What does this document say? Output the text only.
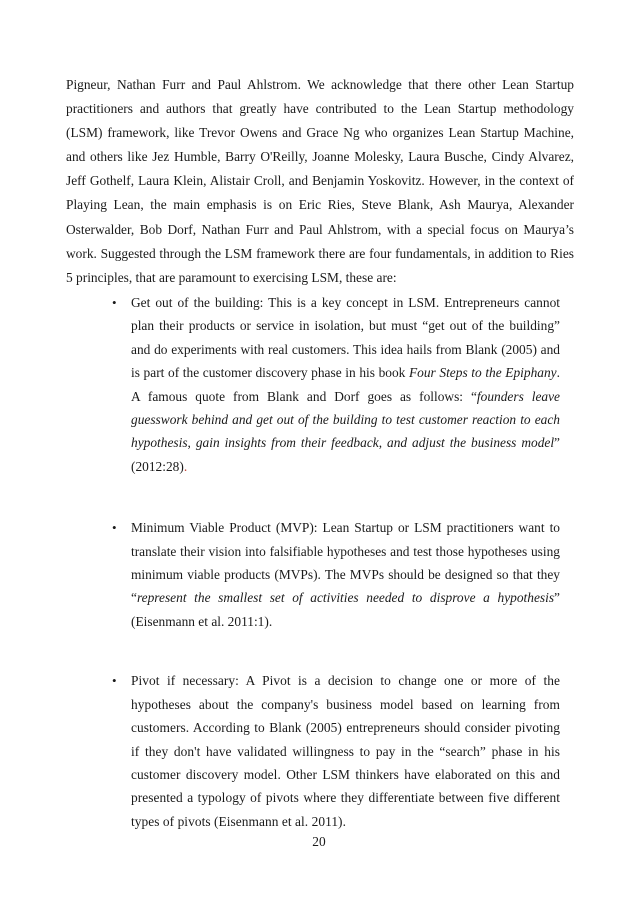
Pigneur, Nathan Furr and Paul Ahlstrom. We acknowledge that there other Lean Startup practitioners and authors that greatly have contributed to the Lean Startup methodology (LSM) framework, like Trevor Owens and Grace Ng who organizes Lean Startup Machine, and others like Jez Humble, Barry O'Reilly, Joanne Molesky, Laura Busche, Cindy Alvarez, Jeff Gothelf, Laura Klein, Alistair Croll, and Benjamin Yoskovitz. However, in the context of Playing Lean, the main emphasis is on Eric Ries, Steve Blank, Ash Maurya, Alexander Osterwalder, Bob Dorf, Nathan Furr and Paul Ahlstrom, with a special focus on Maurya’s work. Suggested through the LSM framework there are four fundamentals, in addition to Ries 5 principles, that are paramount to exercising LSM, these are:

• Get out of the building: This is a key concept in LSM. Entrepreneurs cannot plan their products or service in isolation, but must “get out of the building” and do experiments with real customers. This idea hails from Blank (2005) and is part of the customer discovery phase in his book Four Steps to the Epiphany. A famous quote from Blank and Dorf goes as follows: “founders leave guesswork behind and get out of the building to test customer reaction to each hypothesis, gain insights from their feedback, and adjust the business model” (2012:28).
• Minimum Viable Product (MVP): Lean Startup or LSM practitioners want to translate their vision into falsifiable hypotheses and test those hypotheses using minimum viable products (MVPs). The MVPs should be designed so that they “represent the smallest set of activities needed to disprove a hypothesis” (Eisenmann et al. 2011:1).
• Pivot if necessary: A Pivot is a decision to change one or more of the hypotheses about the company's business model based on learning from customers. According to Blank (2005) entrepreneurs should consider pivoting if they don't have validated willingness to pay in the “search” phase in his customer discovery model. Other LSM thinkers have elaborated on this and presented a typology of pivots where they differentiate between five different types of pivots (Eisenmann et al. 2011).
20
